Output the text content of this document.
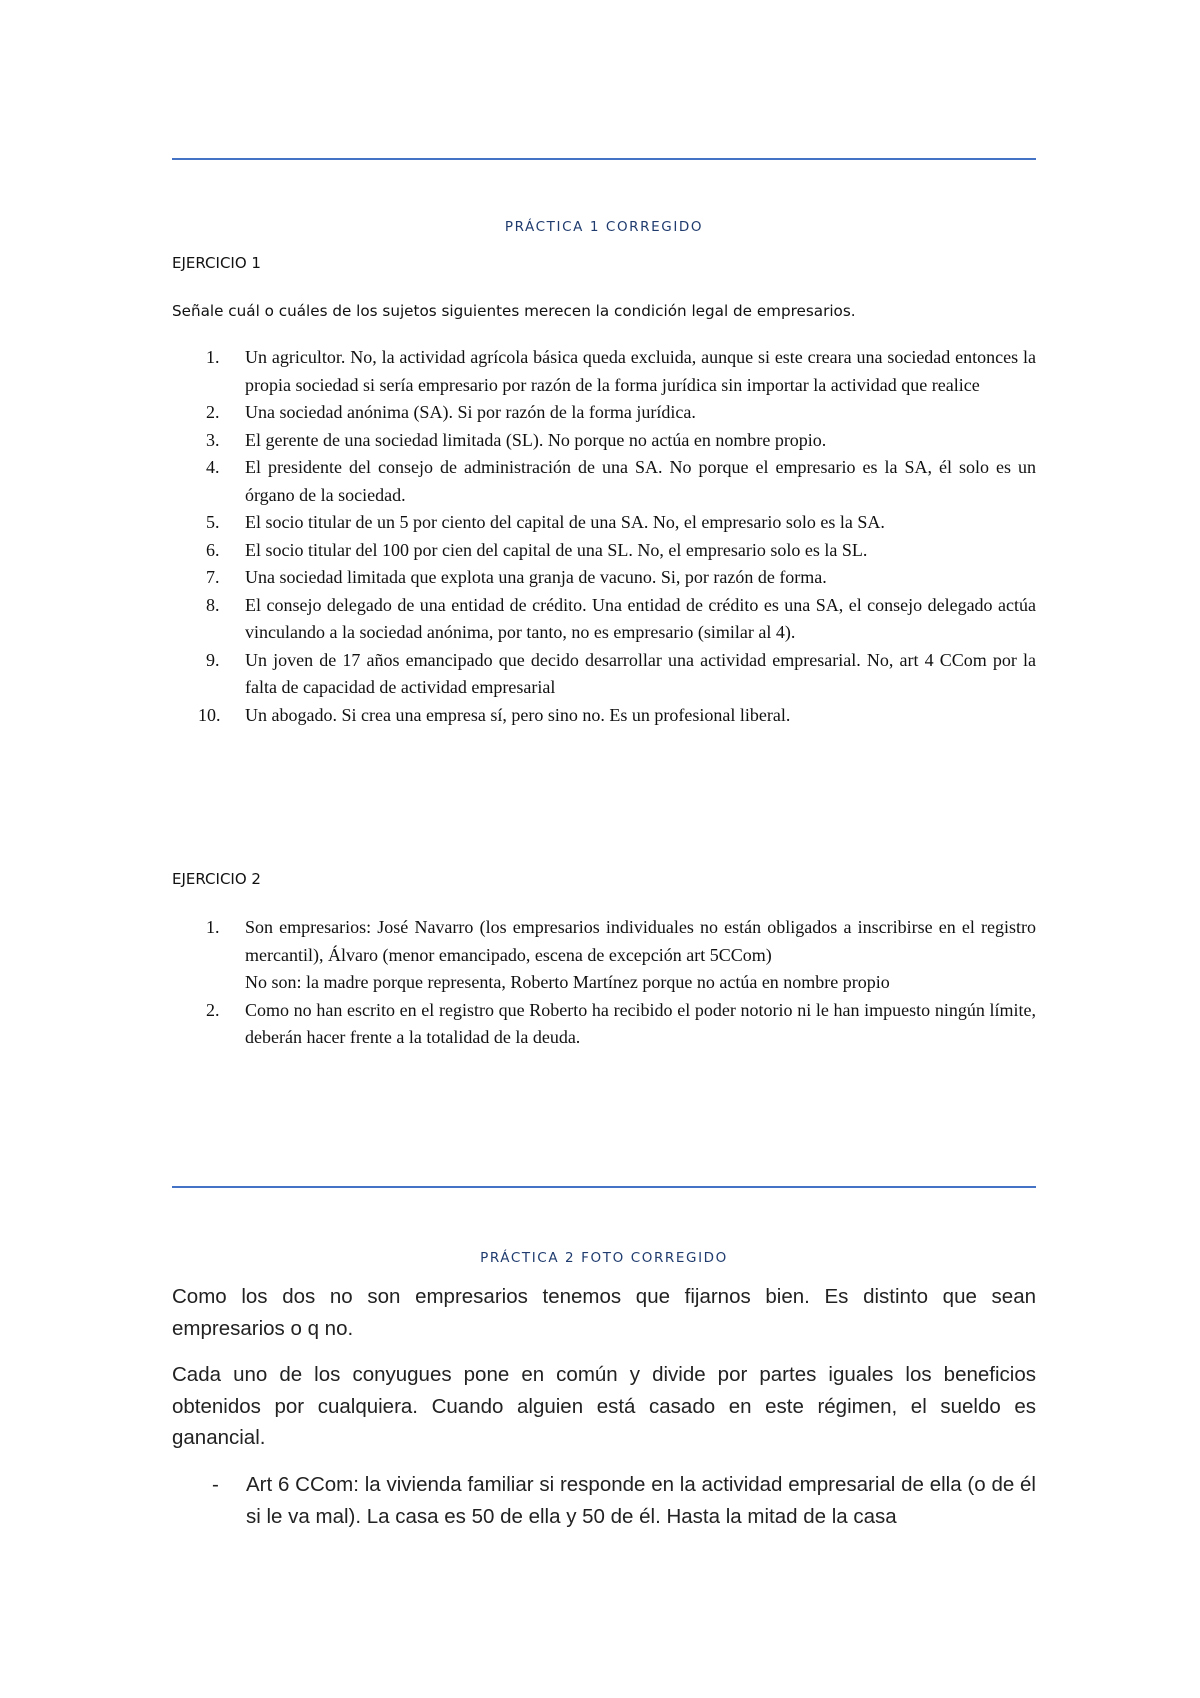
PRÁCTICA 1 CORREGIDO
EJERCICIO 1
Señale cuál o cuáles de los sujetos siguientes merecen la condición legal de empresarios.
1. Un agricultor. No, la actividad agrícola básica queda excluida, aunque si este creara una sociedad entonces la propia sociedad si sería empresario por razón de la forma jurídica sin importar la actividad que realice
2. Una sociedad anónima (SA). Si por razón de la forma jurídica.
3. El gerente de una sociedad limitada (SL). No porque no actúa en nombre propio.
4. El presidente del consejo de administración de una SA. No porque el empresario es la SA, él solo es un órgano de la sociedad.
5. El socio titular de un 5 por ciento del capital de una SA. No, el empresario solo es la SA.
6. El socio titular del 100 por cien del capital de una SL. No, el empresario solo es la SL.
7. Una sociedad limitada que explota una granja de vacuno. Si, por razón de forma.
8. El consejo delegado de una entidad de crédito. Una entidad de crédito es una SA, el consejo delegado actúa vinculando a la sociedad anónima, por tanto, no es empresario (similar al 4).
9. Un joven de 17 años emancipado que decido desarrollar una actividad empresarial. No, art 4 CCom por la falta de capacidad de actividad empresarial
10. Un abogado. Si crea una empresa sí, pero sino no. Es un profesional liberal.
EJERCICIO 2
1. Son empresarios: José Navarro (los empresarios individuales no están obligados a inscribirse en el registro mercantil), Álvaro (menor emancipado, escena de excepción art 5CCom)
No son: la madre porque representa, Roberto Martínez porque no actúa en nombre propio
2. Como no han escrito en el registro que Roberto ha recibido el poder notorio ni le han impuesto ningún límite, deberán hacer frente a la totalidad de la deuda.
PRÁCTICA 2 FOTO CORREGIDO

Como los dos no son empresarios tenemos que fijarnos bien. Es distinto que sean empresarios o q no.

Cada uno de los conyugues pone en común y divide por partes iguales los beneficios obtenidos por cualquiera. Cuando alguien está casado en este régimen, el sueldo es ganancial.

- Art 6 CCom: la vivienda familiar si responde en la actividad empresarial de ella (o de él si le va mal). La casa es 50 de ella y 50 de él. Hasta la mitad de la casa
